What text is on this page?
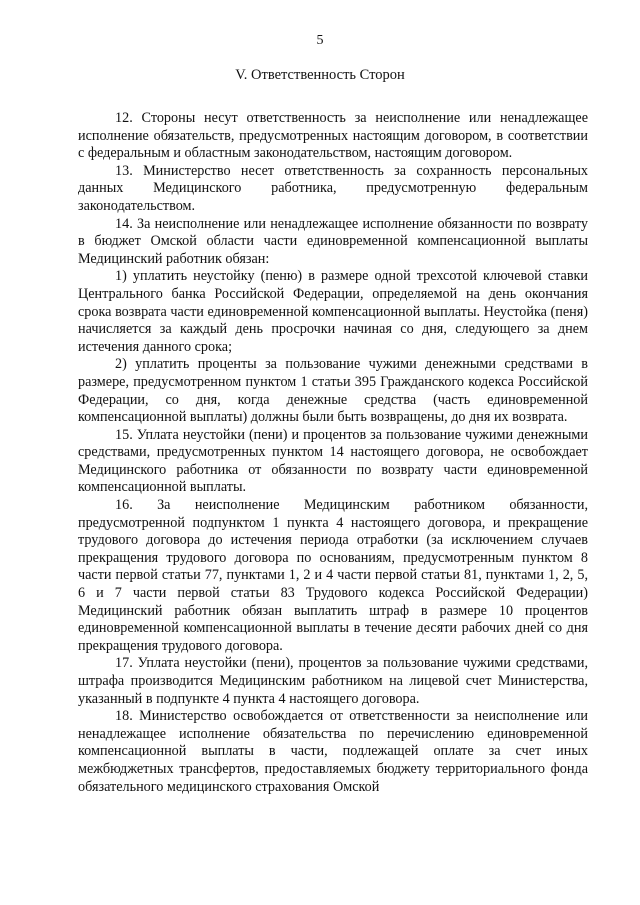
5
V. Ответственность Сторон

12. Стороны несут ответственность за неисполнение или ненадлежащее исполнение обязательств, предусмотренных настоящим договором, в соответствии с федеральным и областным законодательством, настоящим договором.

13. Министерство несет ответственность за сохранность персональных данных Медицинского работника, предусмотренную федеральным законодательством.

14. За неисполнение или ненадлежащее исполнение обязанности по возврату в бюджет Омской области части единовременной компенсационной выплаты Медицинский работник обязан:

1) уплатить неустойку (пеню) в размере одной трехсотой ключевой ставки Центрального банка Российской Федерации, определяемой на день окончания срока возврата части единовременной компенсационной выплаты. Неустойка (пеня) начисляется за каждый день просрочки начиная со дня, следующего за днем истечения данного срока;

2) уплатить проценты за пользование чужими денежными средствами в размере, предусмотренном пунктом 1 статьи 395 Гражданского кодекса Российской Федерации, со дня, когда денежные средства (часть единовременной компенсационной выплаты) должны были быть возвращены, до дня их возврата.

15. Уплата неустойки (пени) и процентов за пользование чужими денежными средствами, предусмотренных пунктом 14 настоящего договора, не освобождает Медицинского работника от обязанности по возврату части единовременной компенсационной выплаты.

16. За неисполнение Медицинским работником обязанности, предусмотренной подпунктом 1 пункта 4 настоящего договора, и прекращение трудового договора до истечения периода отработки (за исключением случаев прекращения трудового договора по основаниям, предусмотренным пунктом 8 части первой статьи 77, пунктами 1, 2 и 4 части первой статьи 81, пунктами 1, 2, 5, 6 и 7 части первой статьи 83 Трудового кодекса Российской Федерации) Медицинский работник обязан выплатить штраф в размере 10 процентов единовременной компенсационной выплаты в течение десяти рабочих дней со дня прекращения трудового договора.

17. Уплата неустойки (пени), процентов за пользование чужими средствами, штрафа производится Медицинским работником на лицевой счет Министерства, указанный в подпункте 4 пункта 4 настоящего договора.

18. Министерство освобождается от ответственности за неисполнение или ненадлежащее исполнение обязательства по перечислению единовременной компенсационной выплаты в части, подлежащей оплате за счет иных межбюджетных трансфертов, предоставляемых бюджету территориального фонда обязательного медицинского страхования Омской
